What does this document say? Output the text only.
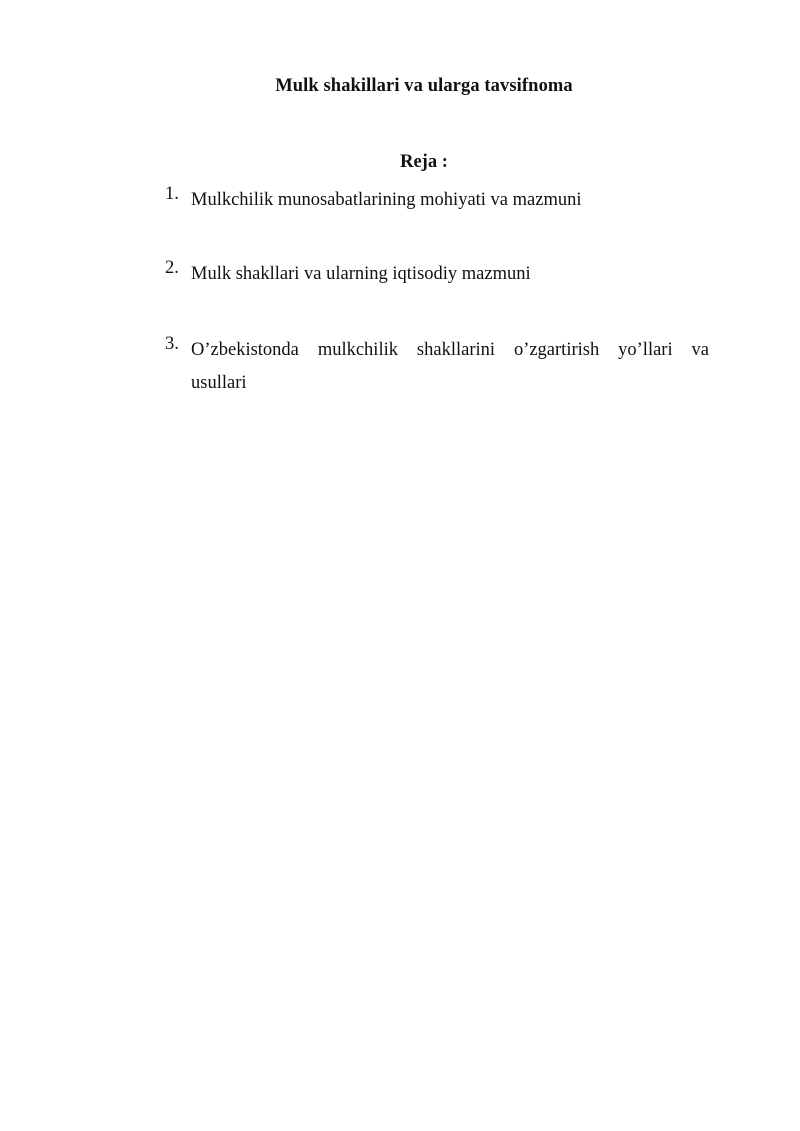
Mulk shakillari va ularga tavsifnoma
Reja :
1. Mulkchilik munosabatlarining mohiyati va mazmuni
2. Mulk shakllari va ularning iqtisodiy mazmuni
3. O’zbekistonda mulkchilik shakllarini o’zgartirish yo’llari va usullari
